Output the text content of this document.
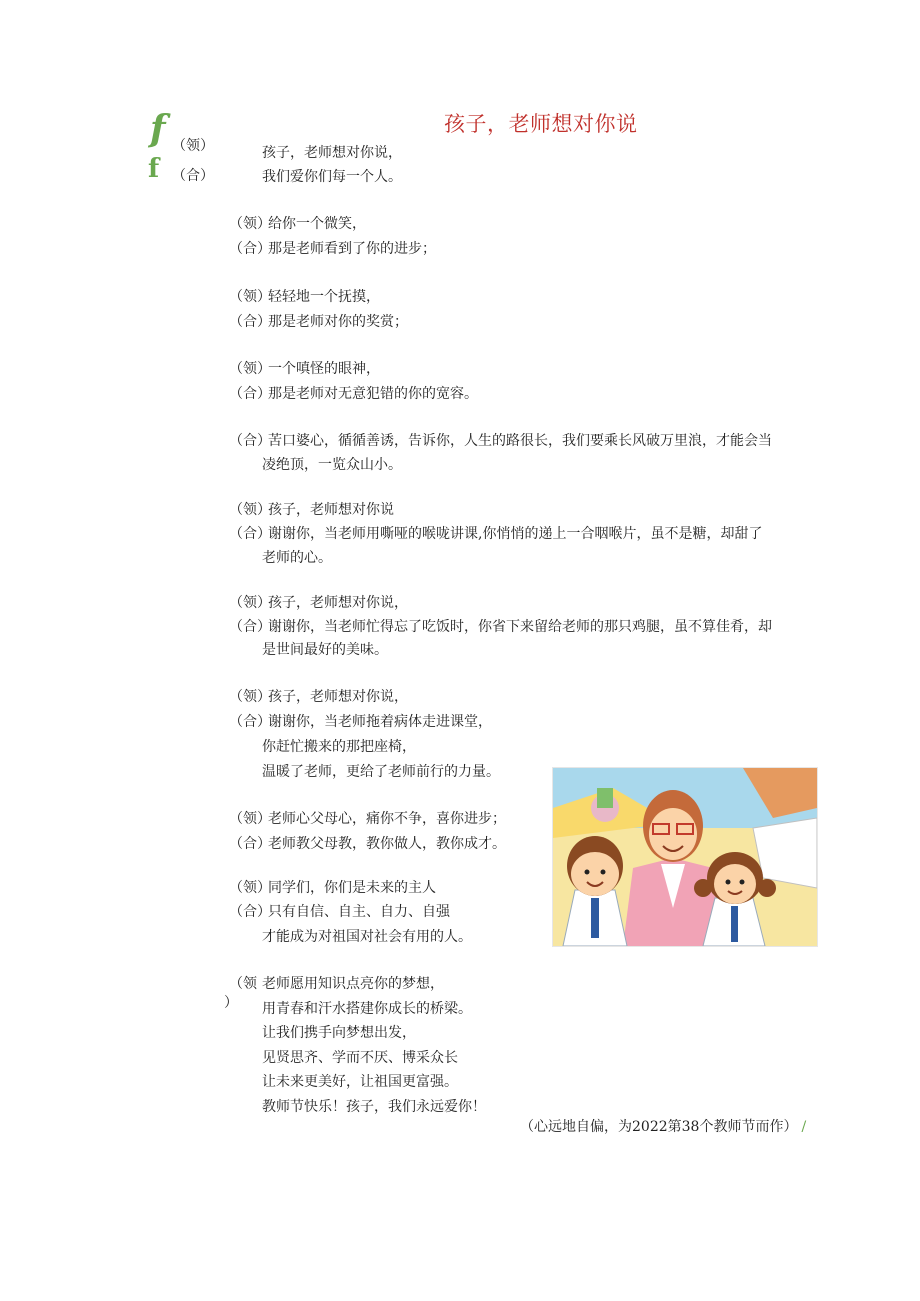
孩子，老师想对你说
f
f
（领）	孩子，老师想对你说，
（合）	我们爱你们每一个人。
（领）
给你一个微笑，
（合）
那是老师看到了你的进步；
（领）
轻轻地一个抚摸，
（合）
那是老师对你的奖赏；
（领）
一个嗔怪的眼神，
（合）
那是老师对无意犯错的你的宽容。
（合）
苦口婆心，循循善诱，告诉你，人生的路很长，我们要乘长风破万里浪，才能会当
凌绝顶，一览众山小。
（领）
孩子，老师想对你说
（合）
谢谢你，当老师用嘶哑的喉咙讲课,你悄悄的递上一合咽喉片，虽不是糖，却甜了
老师的心。
（领）
孩子，老师想对你说，
（合）
谢谢你，当老师忙得忘了吃饭时，你省下来留给老师的那只鸡腿，虽不算佳肴，却
是世间最好的美味。
（领）
孩子，老师想对你说，
（合）
谢谢你，当老师拖着病体走进课堂，
你赶忙搬来的那把座椅，
温暖了老师，更给了老师前行的力量。
（领）
老师心父母心，痛你不争，喜你进步；
（合）
老师教父母教，教你做人，教你成才。
（领）
同学们，你们是未来的主人
（合）
只有自信、自主、自力、自强
才能成为对祖国对社会有用的人。
（领
）
老师愿用知识点亮你的梦想，
用青春和汗水搭建你成长的桥梁。
让我们携手向梦想出发，
见贤思齐、学而不厌、博采众长
让未来更美好，让祖国更富强。
教师节快乐！孩子，我们永远爱你！
（心远地自偏，为2022第38个教师节而作） /
